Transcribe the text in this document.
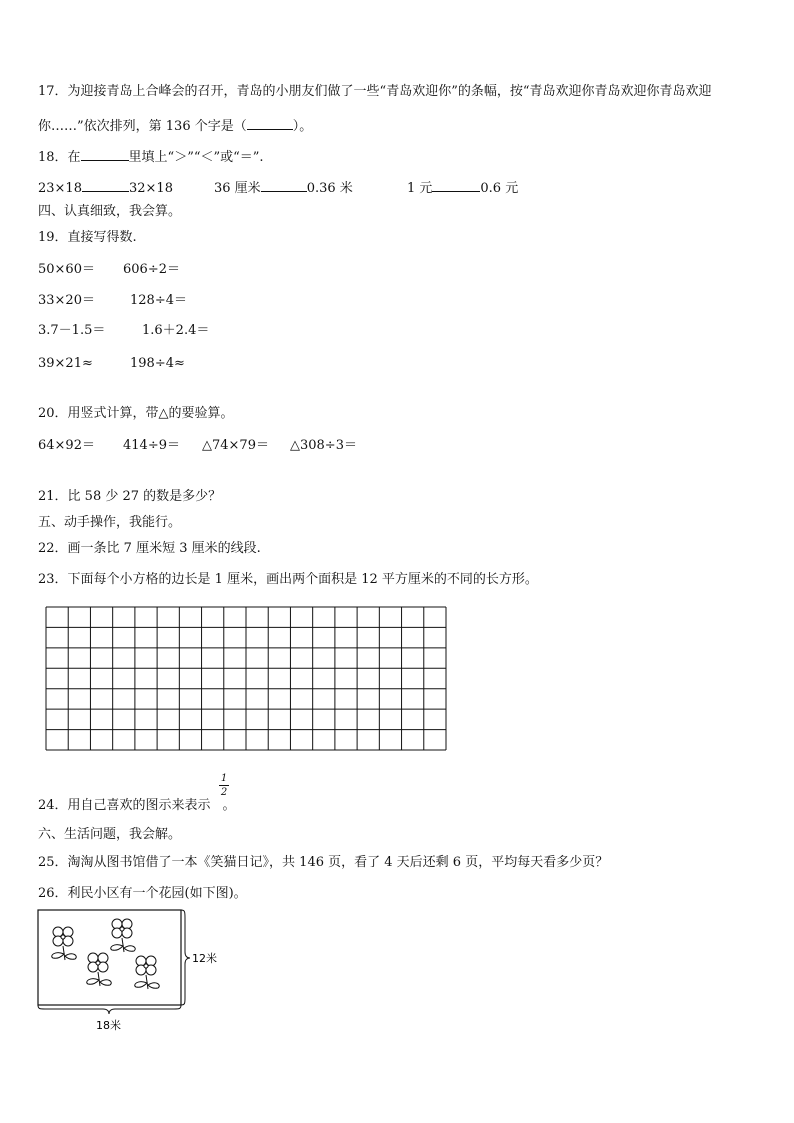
17．为迎接青岛上合峰会的召开，青岛的小朋友们做了一些“青岛欢迎你”的条幅，按“青岛欢迎你青岛欢迎你青岛欢迎
你……”依次排列，第 136 个字是（	）。
18．在	里填上“＞”“＜”或“＝”.
23×18	32×18	36 厘米	0.36 米	1 元	0.6 元
四、认真细致，我会算。
19．直接写得数.
50×60＝ 606÷2＝
33×20＝	128÷4＝
3.7－1.5＝	1.6＋2.4＝
39×21≈	198÷4≈
20．用竖式计算，带△的要验算。
64×92＝ 414÷9＝ △74×79＝ △308÷3＝
21．比 58 少 27 的数是多少？
五、动手操作，我能行。
22．画一条比 7 厘米短 3 厘米的线段.
23．下面每个小方格的边长是 1 厘米，画出两个面积是 12 平方厘米的不同的长方形。
24．用自己喜欢的图示来表示 。
1
2
六、生活问题，我会解。
25．淘淘从图书馆借了一本《笑猫日记》，共 146 页，看了 4 天后还剩 6 页，平均每天看多少页？
26．利民小区有一个花园(如下图)。
12米
18米
